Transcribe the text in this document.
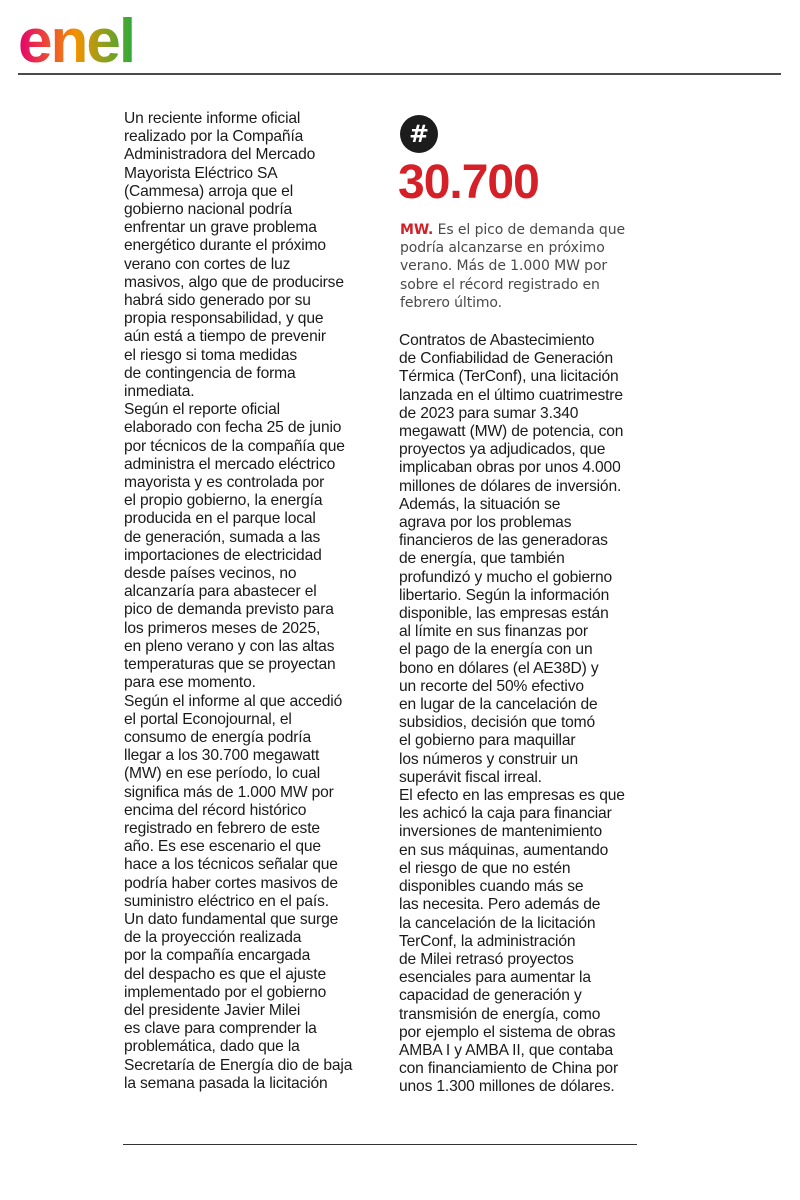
enel

Un reciente informe oficial
realizado por la Compañía
Administradora del Mercado
Mayorista Eléctrico SA
(Cammesa) arroja que el
gobierno nacional podría
enfrentar un grave problema
energético durante el próximo
verano con cortes de luz
masivos, algo que de producirse
habrá sido generado por su
propia responsabilidad, y que
aún está a tiempo de prevenir
el riesgo si toma medidas
de contingencia de forma
inmediata.

Según el reporte oficial
elaborado con fecha 25 de junio
por técnicos de la compañía que
administra el mercado eléctrico
mayorista y es controlada por
el propio gobierno, la energía
producida en el parque local
de generación, sumada a las
importaciones de electricidad
desde países vecinos, no
alcanzaría para abastecer el
pico de demanda previsto para
los primeros meses de 2025,
en pleno verano y con las altas
temperaturas que se proyectan
para ese momento.

Según el informe al que accedió
el portal Econojournal, el
consumo de energía podría
llegar a los 30.700 megawatt
(MW) en ese período, lo cual
significa más de 1.000 MW por
encima del récord histórico
registrado en febrero de este
año. Es ese escenario el que
hace a los técnicos señalar que
podría haber cortes masivos de
suministro eléctrico en el país.

Un dato fundamental que surge
de la proyección realizada
por la compañía encargada
del despacho es que el ajuste
implementado por el gobierno
del presidente Javier Milei
es clave para comprender la
problemática, dado que la
Secretaría de Energía dio de baja
la semana pasada la licitación

#
30.700
MW. Es el pico de demanda que
podría alcanzarse en próximo
verano. Más de 1.000 MW por
sobre el récord registrado en
febrero último.

Contratos de Abastecimiento
de Confiabilidad de Generación
Térmica (TerConf), una licitación
lanzada en el último cuatrimestre
de 2023 para sumar 3.340
megawatt (MW) de potencia, con
proyectos ya adjudicados, que
implicaban obras por unos 4.000
millones de dólares de inversión.

Además, la situación se
agrava por los problemas
financieros de las generadoras
de energía, que también
profundizó y mucho el gobierno
libertario. Según la información
disponible, las empresas están
al límite en sus finanzas por
el pago de la energía con un
bono en dólares (el AE38D) y
un recorte del 50% efectivo
en lugar de la cancelación de
subsidios, decisión que tomó
el gobierno para maquillar
los números y construir un
superávit fiscal irreal.

El efecto en las empresas es que
les achicó la caja para financiar
inversiones de mantenimiento
en sus máquinas, aumentando
el riesgo de que no estén
disponibles cuando más se
las necesita. Pero además de
la cancelación de la licitación
TerConf, la administración
de Milei retrasó proyectos
esenciales para aumentar la
capacidad de generación y
transmisión de energía, como
por ejemplo el sistema de obras
AMBA I y AMBA II, que contaba
con financiamiento de China por
unos 1.300 millones de dólares.
